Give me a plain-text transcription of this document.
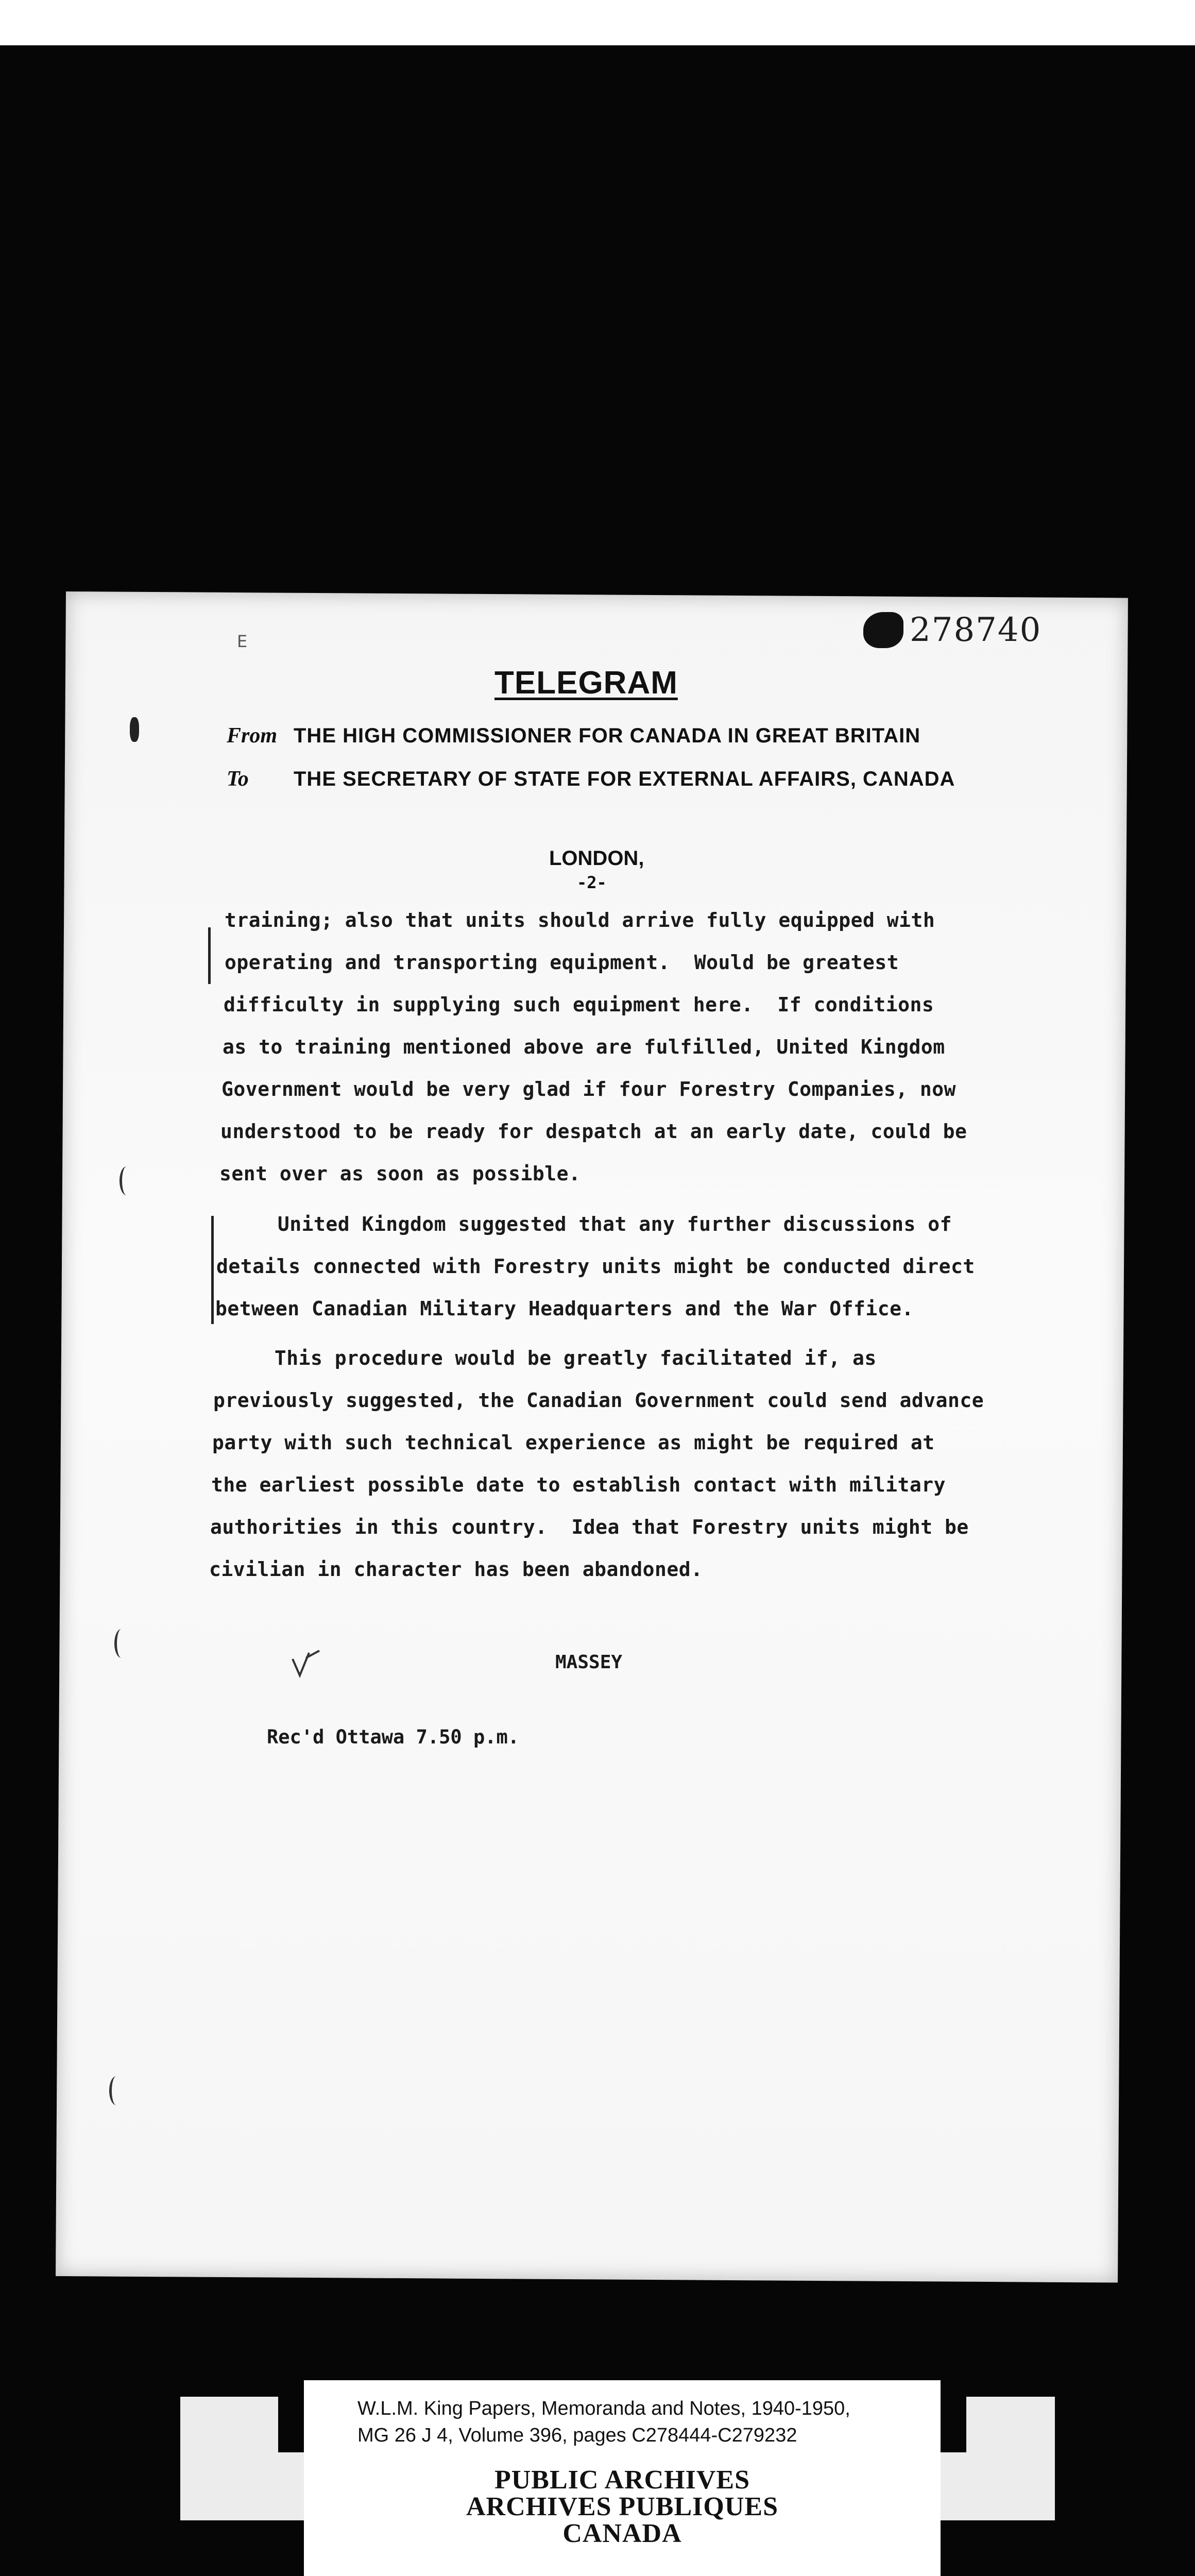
278740
E
TELEGRAM
From THE HIGH COMMISSIONER FOR CANADA IN GREAT BRITAIN
To THE SECRETARY OF STATE FOR EXTERNAL AFFAIRS, CANADA
LONDON,
-2-
training; also that units should arrive fully equipped with
operating and transporting equipment.  Would be greatest
difficulty in supplying such equipment here.  If conditions
as to training mentioned above are fulfilled, United Kingdom
Government would be very glad if four Forestry Companies, now
understood to be ready for despatch at an early date, could be
sent over as soon as possible.
United Kingdom suggested that any further discussions of
details connected with Forestry units might be conducted direct
between Canadian Military Headquarters and the War Office.
This procedure would be greatly facilitated if, as
previously suggested, the Canadian Government could send advance
party with such technical experience as might be required at
the earliest possible date to establish contact with military
authorities in this country.  Idea that Forestry units might be
civilian in character has been abandoned.
MASSEY
Rec'd Ottawa 7.50 p.m.
W.L.M. King Papers, Memoranda and Notes, 1940-1950,
MG 26 J 4, Volume 396, pages C278444-C279232
PUBLIC ARCHIVES
ARCHIVES PUBLIQUES
CANADA
